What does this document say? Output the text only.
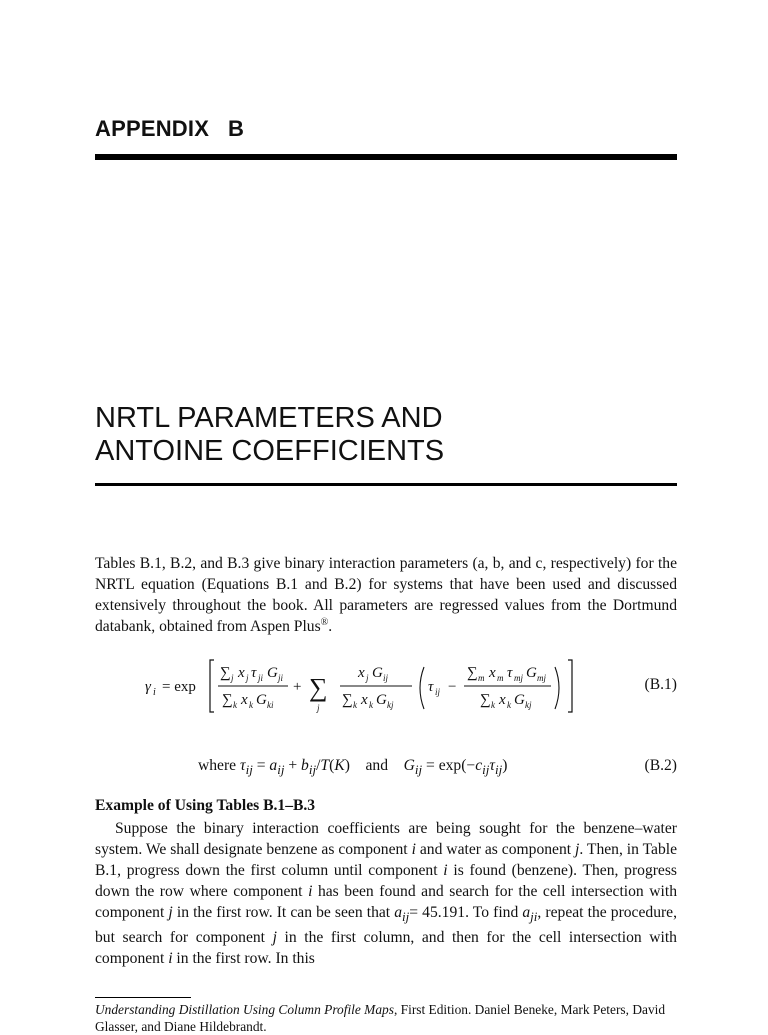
APPENDIX   B
NRTL PARAMETERS AND
ANTOINE COEFFICIENTS
Tables B.1, B.2, and B.3 give binary interaction parameters (a, b, and c, respectively) for the NRTL equation (Equations B.1 and B.2) for systems that have been used and discussed extensively throughout the book. All parameters are regressed values from the Dortmund databank, obtained from Aspen Plus®.
γ i = exp
∑ j x j τ ji G ji
∑ k x k G ki
+ ∑
j
x j G ij
∑ k x k G kj
τ ij −
∑ m x m τ mj G mj
∑ k x k G kj
(B.1)
where $\tau_{ij} = a_{ij} + b_{ij}/T(K)$    and $G_{ij} = \exp(-c_{ij}\tau_{ij})$	(B.2)
Example of Using Tables B.1–B.3
Suppose the binary interaction coefficients are being sought for the benzene–water system. We shall designate benzene as component i and water as component j. Then, in Table B.1, progress down the first column until component i is found (benzene). Then, progress down the row where component i has been found and search for the cell intersection with component j in the first row. It can be seen that $a_{ij}= 45.191$. To find $a_{ji}$, repeat the procedure, but search for component j in the first column, and then for the cell intersection with component i in the first row. In this
Understanding Distillation Using Column Profile Maps, First Edition. Daniel Beneke, Mark Peters, David Glasser, and Diane Hildebrandt.
